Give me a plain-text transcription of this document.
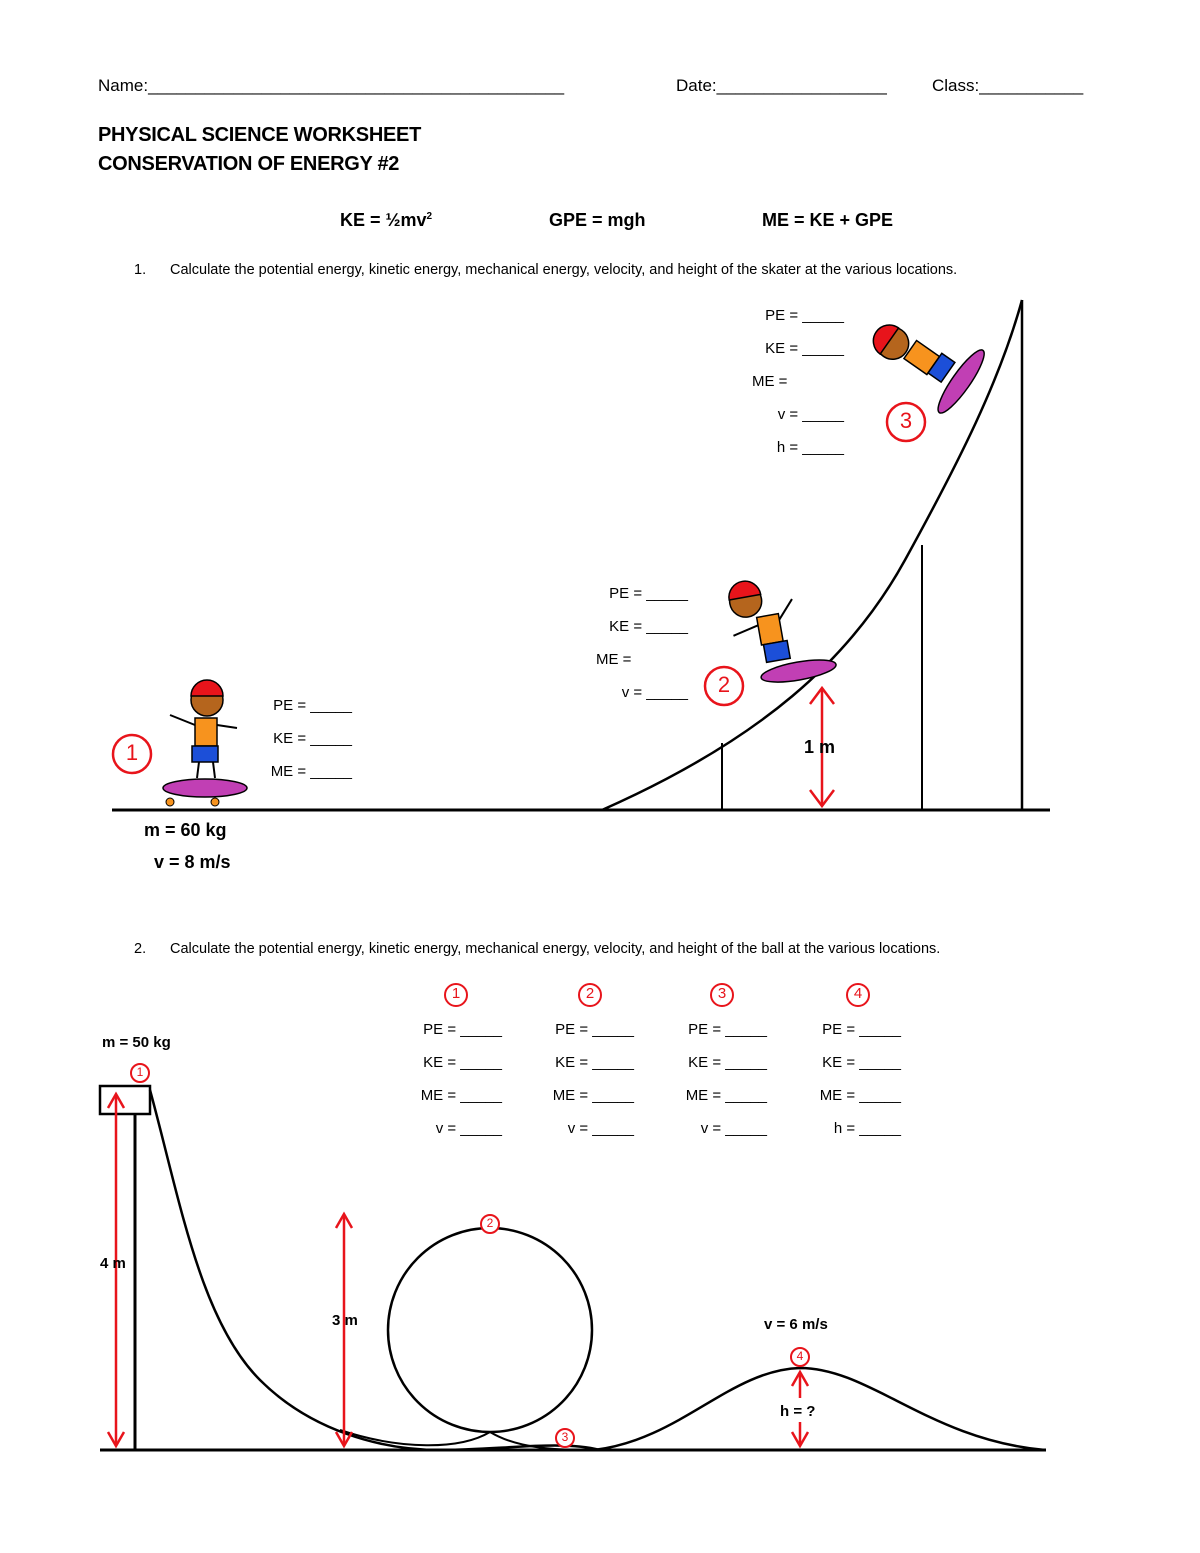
Name:____________________________________________	Date:__________________	Class:___________
PHYSICAL SCIENCE WORKSHEET
CONSERVATION OF ENERGY #2
KE = $\frac{1}{2}mv^2$	GPE = mgh	ME = KE + GPE
1. Calculate the potential energy, kinetic energy, mechanical energy, velocity, and height of the skater at the various locations.
1
2
3
PE = _____
KE = _____
ME = _____
PE = _____
KE = _____
ME =
v = _____
PE = _____
KE = _____
ME =
v = _____
h = _____
m = 60 kg
v = 8 m/s
1 m
2. Calculate the potential energy, kinetic energy, mechanical energy, velocity, and height of the ball at the various locations.
m = 50 kg
1	2	3	4
PE = _____
KE = _____
ME = _____
v = _____
PE = _____
KE = _____
ME = _____
v = _____
PE = _____
KE = _____
ME = _____
v = _____
PE = _____
KE = _____
ME = _____
h = _____
1
2
3
4
4 m
3 m	v = 6 m/s
h = ?
